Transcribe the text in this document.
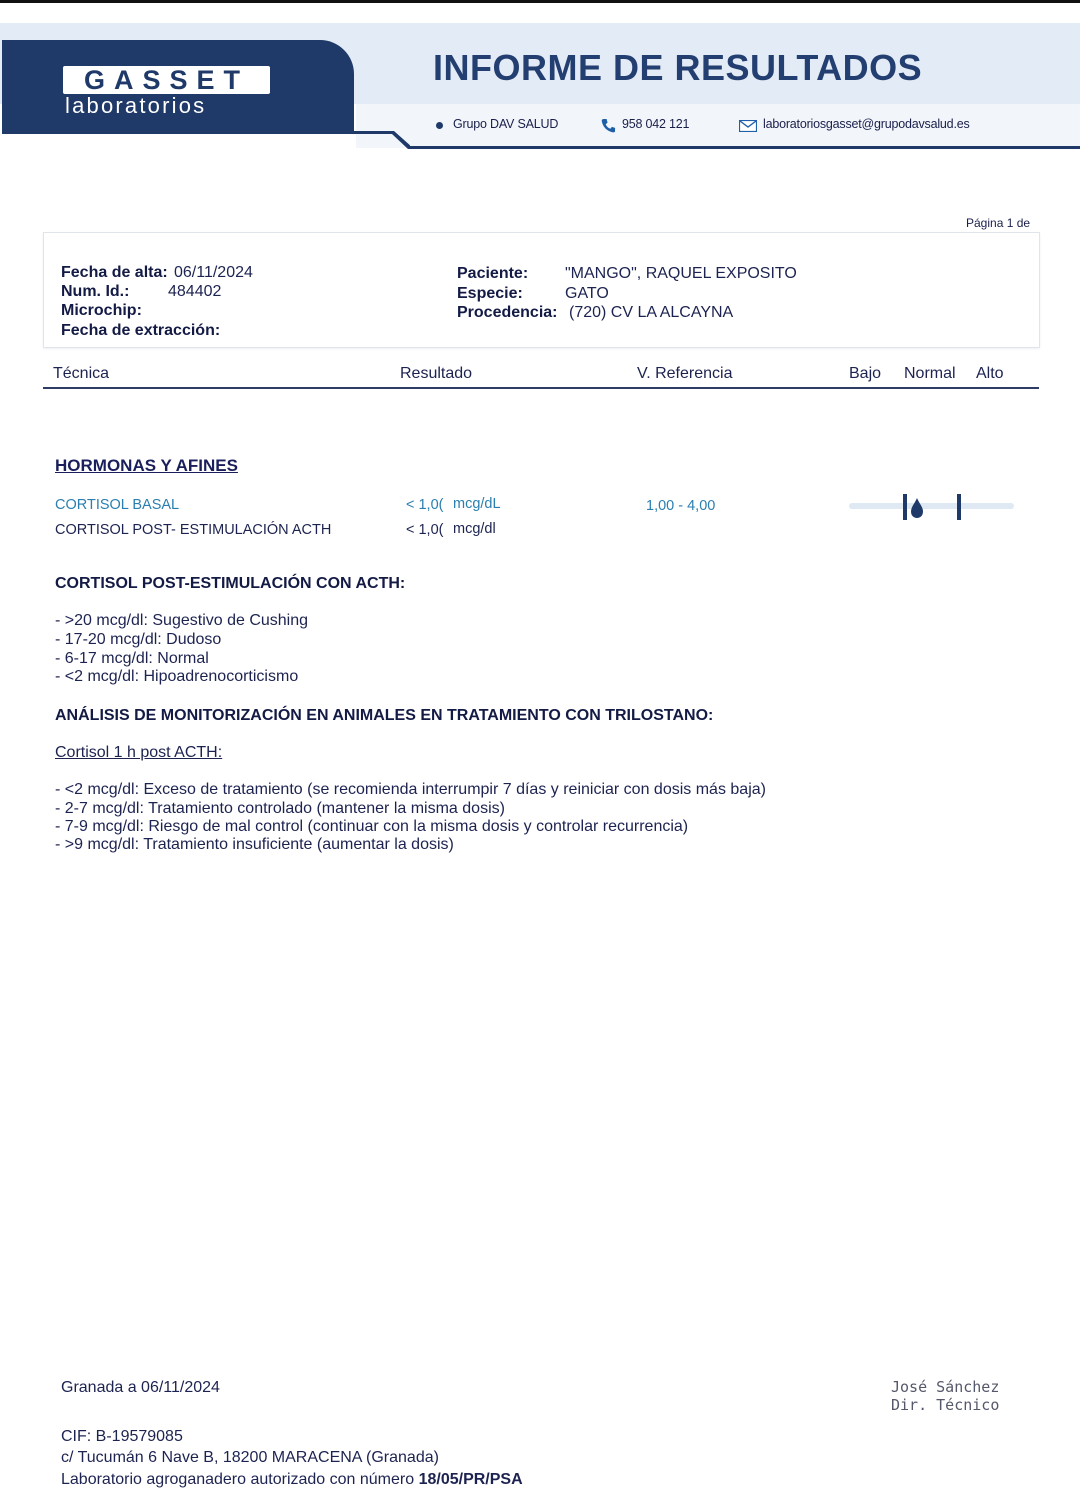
GASSET
laboratorios
INFORME DE RESULTADOS
Grupo DAV SALUD	958 042 121	laboratoriosgasset@grupodavsalud.es
Página 1 de
Fecha de alta: 06/11/2024
Num. Id.: 484402
Microchip:
Fecha de extracción:
Paciente: "MANGO", RAQUEL EXPOSITO
Especie:	GATO
Procedencia: (720) CV LA ALCAYNA
Técnica	Resultado	V. Referencia	Bajo Normal Alto
HORMONAS Y AFINES
CORTISOL BASAL	< 1,0( mcg/dL	1,00 - 4,00
CORTISOL POST- ESTIMULACIÓN ACTH	< 1,0( mcg/dl
CORTISOL POST-ESTIMULACIÓN CON ACTH:
- >20 mcg/dl: Sugestivo de Cushing
- 17-20 mcg/dl: Dudoso
- 6-17 mcg/dl: Normal
- <2 mcg/dl: Hipoadrenocorticismo
ANÁLISIS DE MONITORIZACIÓN EN ANIMALES EN TRATAMIENTO CON TRILOSTANO:
Cortisol 1 h post ACTH:
- <2 mcg/dl: Exceso de tratamiento (se recomienda interrumpir 7 días y reiniciar con dosis más baja)
- 2-7 mcg/dl: Tratamiento controlado (mantener la misma dosis)
- 7-9 mcg/dl: Riesgo de mal control (continuar con la misma dosis y controlar recurrencia)
- >9 mcg/dl: Tratamiento insuficiente (aumentar la dosis)
Granada a 06/11/2024	José Sánchez
Dir. Técnico
CIF: B-19579085
c/ Tucumán 6 Nave B, 18200 MARACENA (Granada)
Laboratorio agroganadero autorizado con número 18/05/PR/PSA
